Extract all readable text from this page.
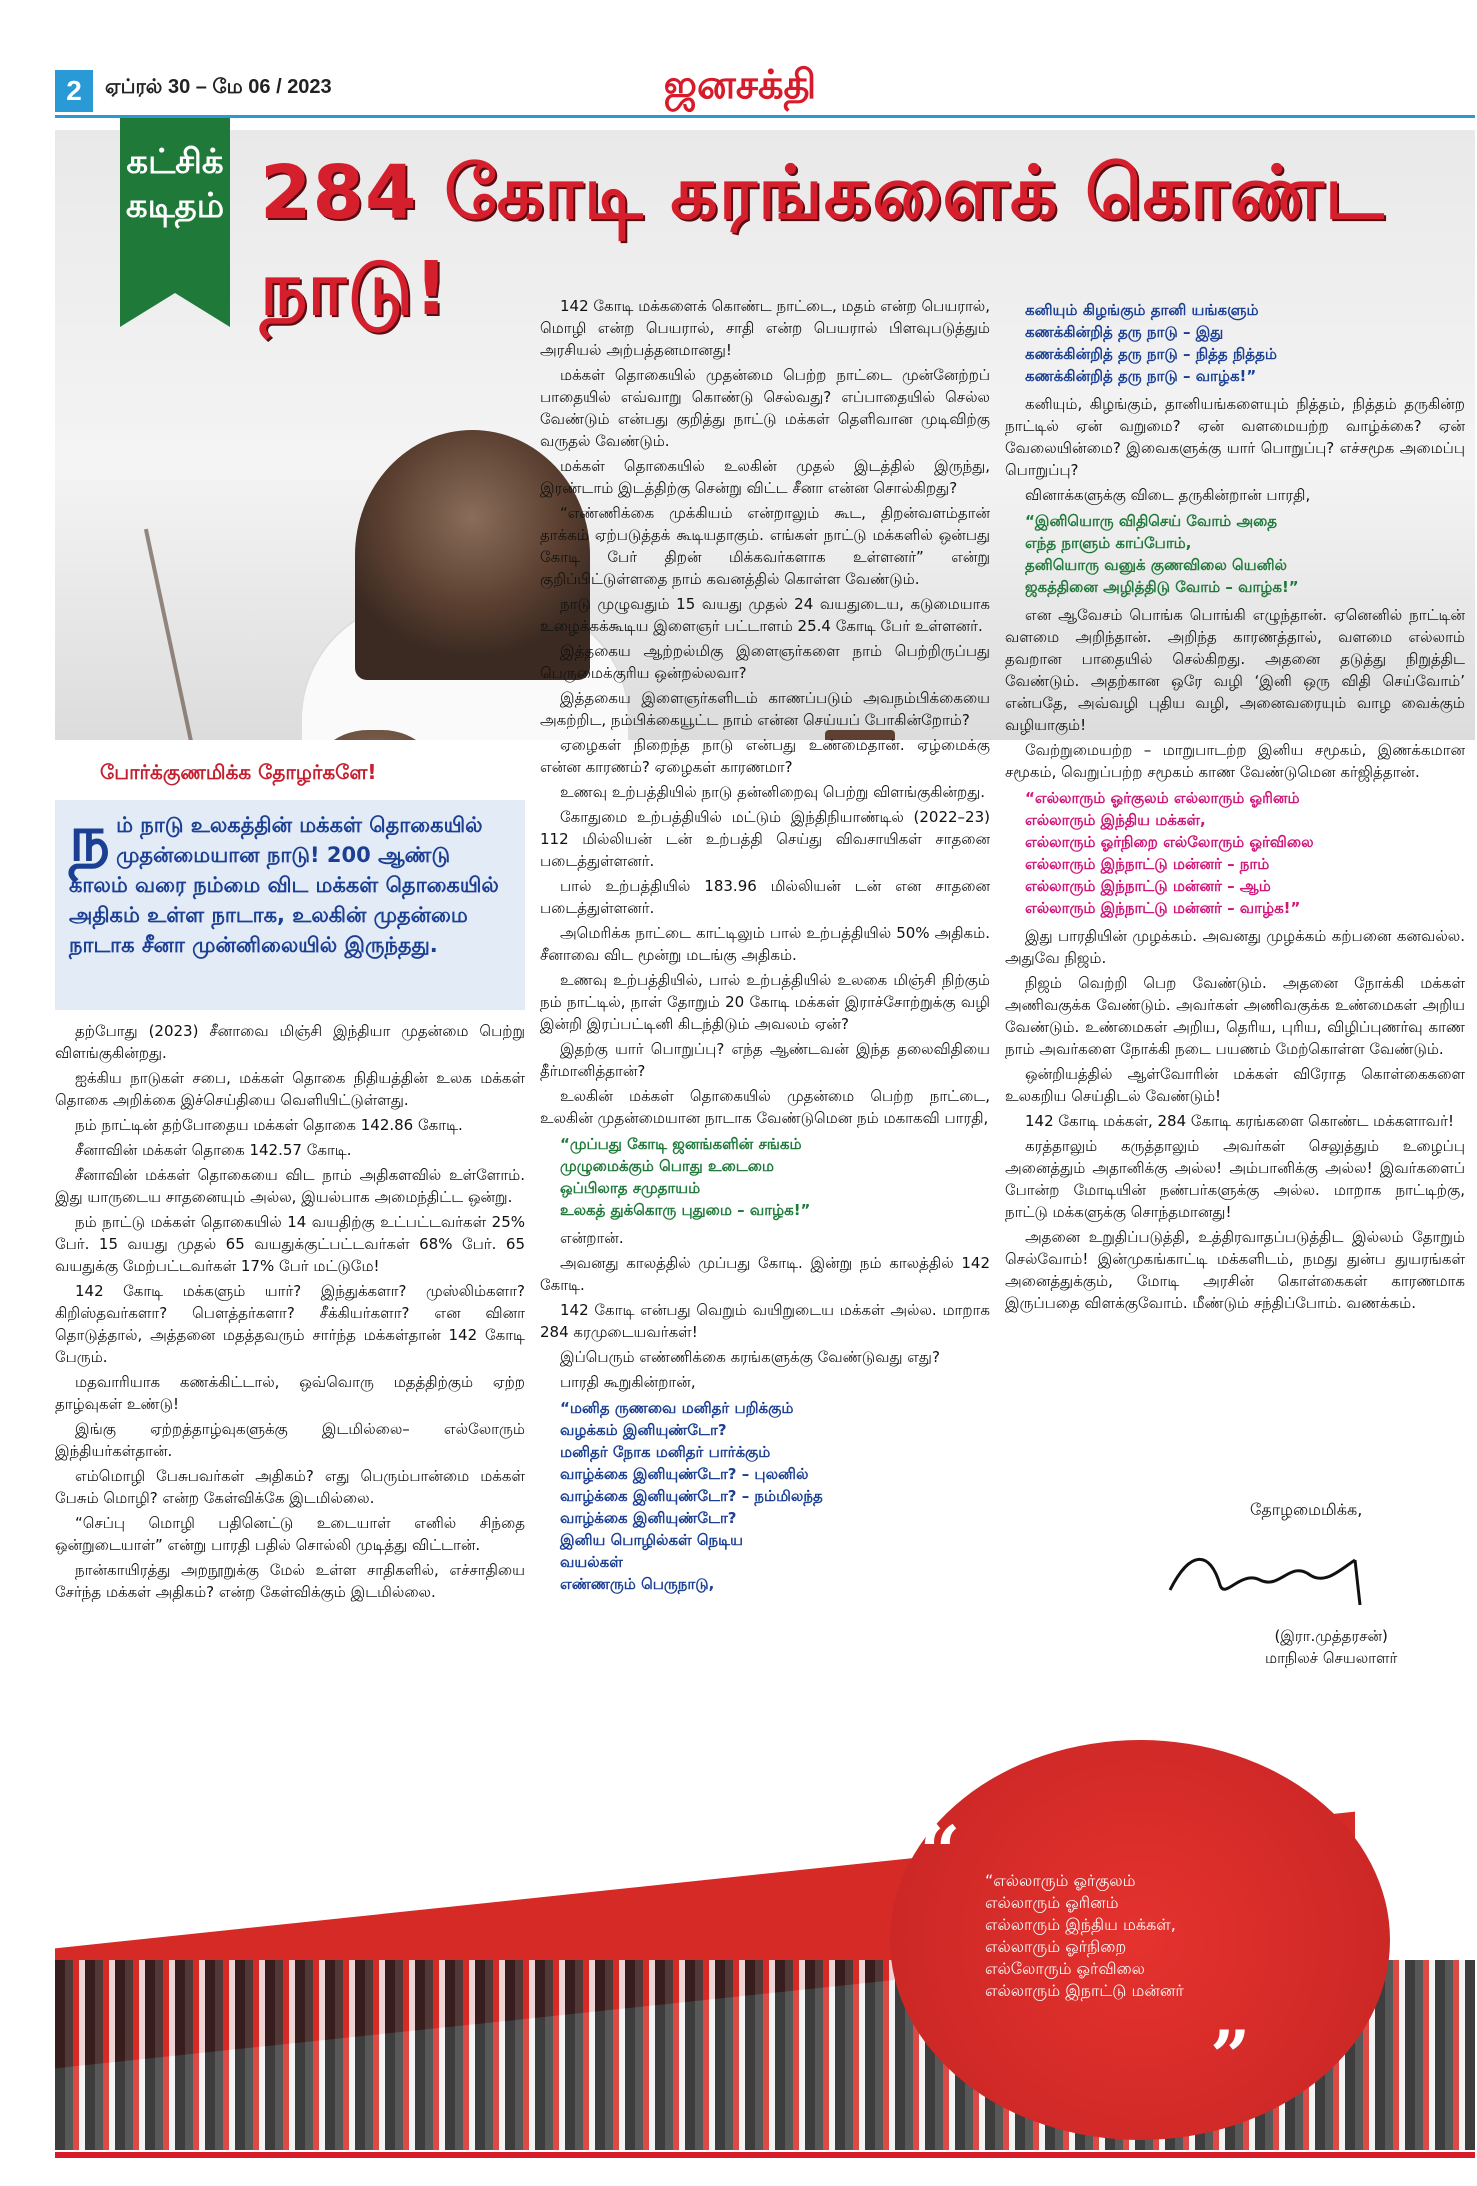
2	ஏப்ரல் 30 – மே 06 / 2023	ஜனசக்தி
கட்சிக் கடிதம் 284 கோடி கரங்களைக் கொண்ட நாடு!
போர்க்குணமிக்க தோழர்களே!
ந ம் நாடு உலகத்தின் மக்கள் தொகையில் முதன்மையான நாடு! 200 ஆண்டு காலம் வரை நம்மை விட மக்கள் தொகையில் அதிகம் உள்ள நாடாக, உலகின் முதன்மை நாடாக சீனா முன்னிலையில் இருந்தது.

தற்போது (2023) சீனாவை மிஞ்சி இந்தியா முதன்மை பெற்று விளங்குகின்றது.

ஐக்கிய நாடுகள் சபை, மக்கள் தொகை நிதியத்தின் உலக மக்கள் தொகை அறிக்கை இச்செய்தியை வெளியிட்டுள்ளது.

நம் நாட்டின் தற்போதைய மக்கள் தொகை 142.86 கோடி.

சீனாவின் மக்கள் தொகை 142.57 கோடி.

சீனாவின் மக்கள் தொகையை விட நாம் அதிகளவில் உள்ளோம். இது யாருடைய சாதனையும் அல்ல, இயல்பாக அமைந்திட்ட ஒன்று.

நம் நாட்டு மக்கள் தொகையில் 14 வயதிற்கு உட்பட்டவர்கள் 25% பேர். 15 வயது முதல் 65 வயதுக்குட்பட்டவர்கள் 68% பேர். 65 வயதுக்கு மேற்பட்டவர்கள் 17% பேர் மட்டுமே!

142 கோடி மக்களும் யார்? இந்துக்களா? முஸ்லிம்களா? கிறிஸ்தவர்களா? பௌத்தர்களா? சீக்கியர்களா? என வினா தொடுத்தால், அத்தனை மதத்தவரும் சார்ந்த மக்கள்தான் 142 கோடி பேரும்.

மதவாரியாக கணக்கிட்டால், ஒவ்வொரு மதத்திற்கும் ஏற்ற தாழ்வுகள் உண்டு!

இங்கு ஏற்றத்தாழ்வுகளுக்கு இடமில்லை– எல்லோரும் இந்தியர்கள்தான்.

எம்மொழி பேசுபவர்கள் அதிகம்? எது பெரும்பான்மை மக்கள் பேசும் மொழி? என்ற கேள்விக்கே இடமில்லை.

“செப்பு மொழி பதினெட்டு உடையாள் எனில் சிந்தை ஒன்றுடையாள்” என்று பாரதி பதில் சொல்லி முடித்து விட்டான்.

நான்காயிரத்து அறநூறுக்கு மேல் உள்ள சாதிகளில், எச்சாதியை சேர்ந்த மக்கள் அதிகம்? என்ற கேள்விக்கும் இடமில்லை.

142 கோடி மக்களைக் கொண்ட நாட்டை, மதம் என்ற பெயரால், மொழி என்ற பெயரால், சாதி என்ற பெயரால் பிளவுபடுத்தும் அரசியல் அற்பத்தனமானது!

மக்கள் தொகையில் முதன்மை பெற்ற நாட்டை முன்னேற்றப் பாதையில் எவ்வாறு கொண்டு செல்வது? எப்பாதையில் செல்ல வேண்டும் என்பது குறித்து நாட்டு மக்கள் தெளிவான முடிவிற்கு வருதல் வேண்டும்.

மக்கள் தொகையில் உலகின் முதல் இடத்தில் இருந்து, இரண்டாம் இடத்திற்கு சென்று விட்ட சீனா என்ன சொல்கிறது?

“எண்ணிக்கை முக்கியம் என்றாலும் கூட, திறன்வளம்தான் தாக்கம் ஏற்படுத்தக் கூடியதாகும். எங்கள் நாட்டு மக்களில் ஒன்பது கோடி பேர் திறன் மிக்கவர்களாக உள்ளனர்” என்று குறிப்பிட்டுள்ளதை நாம் கவனத்தில் கொள்ள வேண்டும்.

நாடு முழுவதும் 15 வயது முதல் 24 வயதுடைய, கடுமையாக உழைக்கக்கூடிய இளைஞர் பட்டாளம் 25.4 கோடி பேர் உள்ளனர்.

இத்தகைய ஆற்றல்மிகு இளைஞர்களை நாம் பெற்றிருப்பது பெருமைக்குரிய ஒன்றல்லவா?

இத்தகைய இளைஞர்களிடம் காணப்படும் அவநம்பிக்கையை அகற்றிட, நம்பிக்கையூட்ட நாம் என்ன செய்யப் போகின்றோம்?

ஏழைகள் நிறைந்த நாடு என்பது உண்மைதான். ஏழ்மைக்கு என்ன காரணம்? ஏழைகள் காரணமா?

உணவு உற்பத்தியில் நாடு தன்னிறைவு பெற்று விளங்குகின்றது.

கோதுமை உற்பத்தியில் மட்டும் இந்திநியாண்டில் (2022–23) 112 மில்லியன் டன் உற்பத்தி செய்து விவசாயிகள் சாதனை படைத்துள்ளனர்.

பால் உற்பத்தியில் 183.96 மில்லியன் டன் என சாதனை படைத்துள்ளனர்.

அமெரிக்க நாட்டை காட்டிலும் பால் உற்பத்தியில் 50% அதிகம். சீனாவை விட மூன்று மடங்கு அதிகம்.

உணவு உற்பத்தியில், பால் உற்பத்தியில் உலகை மிஞ்சி நிற்கும் நம் நாட்டில், நாள் தோறும் 20 கோடி மக்கள் இராச்சோற்றுக்கு வழி இன்றி இரப்பட்டினி கிடந்திடும் அவலம் ஏன்?

இதற்கு யார் பொறுப்பு? எந்த ஆண்டவன் இந்த தலைவிதியை தீர்மானித்தான்?

உலகின் மக்கள் தொகையில் முதன்மை பெற்ற நாட்டை, உலகின் முதன்மையான நாடாக வேண்டுமென நம் மகாகவி பாரதி,

“முப்பது கோடி ஜனங்களின் சங்கம்
முழுமைக்கும் பொது உடைமை
ஒப்பிலாத சமுதாயம்
உலகத் துக்கொரு புதுமை – வாழ்க!”

என்றான்.

அவனது காலத்தில் முப்பது கோடி. இன்று நம் காலத்தில் 142 கோடி.

142 கோடி என்பது வெறும் வயிறுடைய மக்கள் அல்ல. மாறாக 284 கரமுடையவர்கள்!

இப்பெரும் எண்ணிக்கை கரங்களுக்கு வேண்டுவது எது?

பாரதி கூறுகின்றான்,

“மனித ருணவை மனிதர் பறிக்கும்
வழக்கம் இனியுண்டோ?
மனிதர் நோக மனிதர் பார்க்கும்
வாழ்க்கை இனியுண்டோ? – புலனில்
வாழ்க்கை இனியுண்டோ? – நம்மிலந்த
வாழ்க்கை இனியுண்டோ?
இனிய பொழில்கள் நெடிய
வயல்கள்
எண்ணரும் பெருநாடு,

கனியும் கிழங்கும் தானி யங்களும்
கணக்கின்றித் தரு நாடு – இது
கணக்கின்றித் தரு நாடு – நித்த நித்தம்
கணக்கின்றித் தரு நாடு – வாழ்க!”

கனியும், கிழங்கும், தானியங்களையும் நித்தம், நித்தம் தருகின்ற நாட்டில் ஏன் வறுமை? ஏன் வளமையற்ற வாழ்க்கை? ஏன் வேலையின்மை? இவைகளுக்கு யார் பொறுப்பு? எச்சமூக அமைப்பு பொறுப்பு?

வினாக்களுக்கு விடை தருகின்றான் பாரதி,

“இனியொரு விதிசெய் வோம் அதை
எந்த நாளும் காப்போம்,
தனியொரு வனுக் குணவிலை யெனில்
ஜகத்தினை அழித்திடு வோம் – வாழ்க!”

என ஆவேசம் பொங்க பொங்கி எழுந்தான். ஏனெனில் நாட்டின் வளமை அறிந்தான். அறிந்த காரணத்தால், வளமை எல்லாம் தவறான பாதையில் செல்கிறது. அதனை தடுத்து நிறுத்திட வேண்டும். அதற்கான ஒரே வழி ‘இனி ஒரு விதி செய்வோம்’ என்பதே, அவ்வழி புதிய வழி, அனைவரையும் வாழ வைக்கும் வழியாகும்!

வேற்றுமையற்ற – மாறுபாடற்ற இனிய சமூகம், இணக்கமான சமூகம், வெறுப்பற்ற சமூகம் காண வேண்டுமென கர்ஜித்தான்.

“எல்லாரும் ஓர்குலம் எல்லாரும் ஓரினம்
எல்லாரும் இந்திய மக்கள்,
எல்லாரும் ஓர்நிறை எல்லோரும் ஓர்விலை
எல்லாரும் இந்நாட்டு மன்னர் – நாம்
எல்லாரும் இந்நாட்டு மன்னர் – ஆம்
எல்லாரும் இந்நாட்டு மன்னர் – வாழ்க!”

இது பாரதியின் முழக்கம். அவனது முழக்கம் கற்பனை கனவல்ல. அதுவே நிஜம்.

நிஜம் வெற்றி பெற வேண்டும். அதனை நோக்கி மக்கள் அணிவகுக்க வேண்டும். அவர்கள் அணிவகுக்க உண்மைகள் அறிய வேண்டும். உண்மைகள் அறிய, தெரிய, புரிய, விழிப்புணர்வு காண நாம் அவர்களை நோக்கி நடை பயணம் மேற்கொள்ள வேண்டும்.

ஒன்றியத்தில் ஆள்வோரின் மக்கள் விரோத கொள்கைகளை உலகறிய செய்திடல் வேண்டும்!

142 கோடி மக்கள், 284 கோடி கரங்களை கொண்ட மக்களாவர்!

கரத்தாலும் கருத்தாலும் அவர்கள் செலுத்தும் உழைப்பு அனைத்தும் அதானிக்கு அல்ல! அம்பானிக்கு அல்ல! இவர்களைப் போன்ற மோடியின் நண்பர்களுக்கு அல்ல. மாறாக நாட்டிற்கு, நாட்டு மக்களுக்கு சொந்தமானது!

அதனை உறுதிப்படுத்தி, உத்திரவாதப்படுத்திட இல்லம் தோறும் செல்வோம்! இன்முகங்காட்டி மக்களிடம், நமது துன்ப துயரங்கள் அனைத்துக்கும், மோடி அரசின் கொள்கைகள் காரணமாக இருப்பதை விளக்குவோம். மீண்டும் சந்திப்போம். வணக்கம்.

தோழமைமிக்க,
(இரா.முத்தரசன்)
மாநிலச் செயலாளர்
“ “எல்லாரும் ஓர்குலம்
எல்லாரும் ஓரினம்
எல்லாரும் இந்திய மக்கள்,
எல்லாரும் ஓர்நிறை
எல்லோரும் ஓர்விலை
எல்லாரும் இநாட்டு மன்னர்
”
